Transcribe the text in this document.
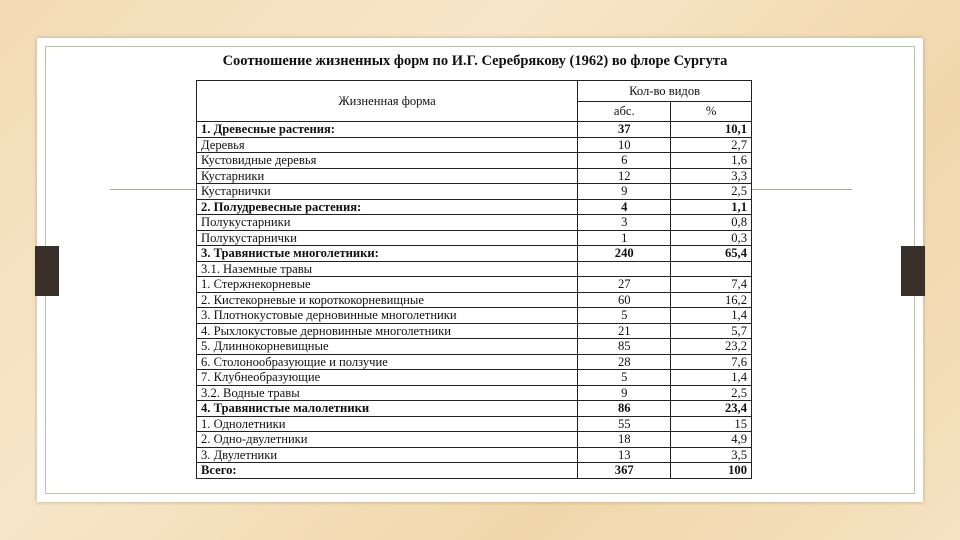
Соотношение жизненных форм по И.Г. Серебрякову (1962) во флоре Сургута
Жизненная форма	Кол-во видов	
	абс.	%
1. Древесные растения:	37	10,1
Деревья	10	2,7
Кустовидные деревья	6	1,6
Кустарники	12	3,3
Кустарнички	9	2,5
2. Полудревесные растения:	4	1,1
Полукустарники	3	0,8
Полукустарнички	1	0,3
3. Травянистые многолетники:	240	65,4
3.1. Наземные травы		
1. Стержнекорневые	27	7,4
2. Кистекорневые и короткокорневищные	60	16,2
3. Плотнокустовые дерновинные многолетники	5	1,4
4. Рыхлокустовые дерновинные многолетники	21	5,7
5. Длиннокорневищные	85	23,2
6. Столонообразующие и ползучие	28	7,6
7. Клубнеобразующие	5	1,4
3.2. Водные травы	9	2,5
4. Травянистые малолетники	86	23,4
1. Однолетники	55	15
2. Одно-двулетники	18	4,9
3. Двулетники	13	3,5
Всего:	367	100
